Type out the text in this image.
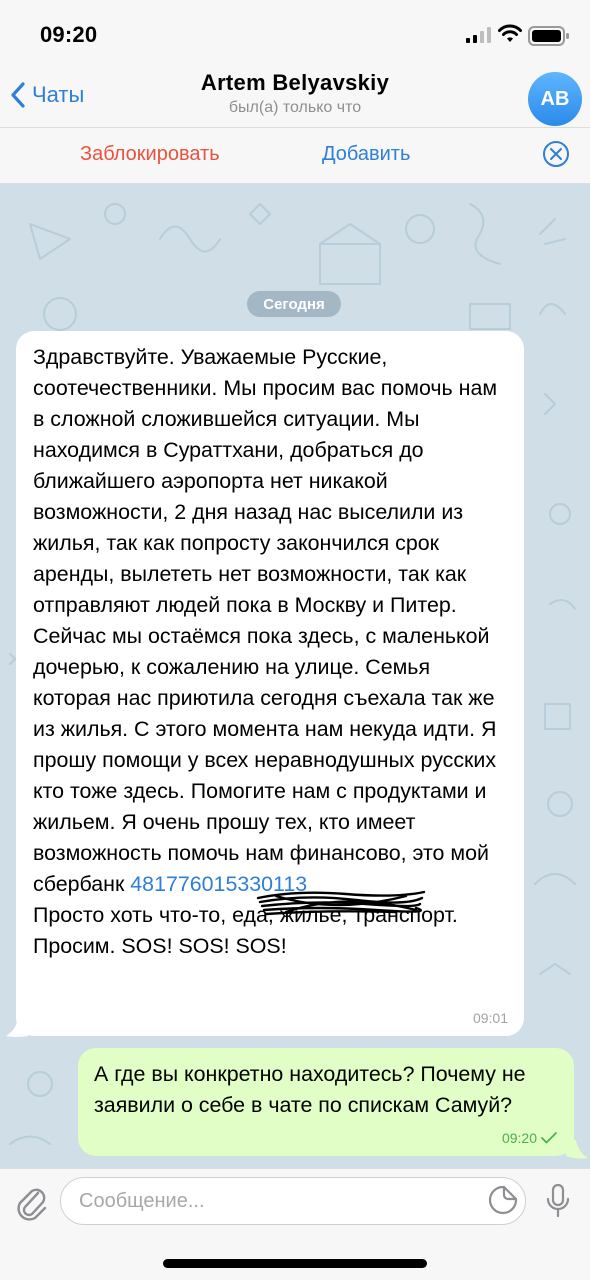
09:20
Чаты	Artem Belyavskiy
был(а) только что	AB
Заблокировать	Добавить
Сегодня
Здравствуйте. Уважаемые Русские, соотечественники. Мы просим вас помочь нам в сложной сложившейся ситуации. Мы находимся в Сураттхани, добраться до ближайшего аэропорта нет никакой возможности, 2 дня назад нас выселили из жилья, так как попросту закончился срок аренды, вылететь нет возможности, так как отправляют людей пока в Москву и Питер. Сейчас мы остаёмся пока здесь, с маленькой дочерью, к сожалению на улице. Семья которая нас приютила сегодня съехала так же из жилья. С этого момента нам некуда идти. Я прошу помощи у всех неравнодушных русских кто тоже здесь. Помогите нам с продуктами и жильем. Я очень прошу тех, кто имеет возможность помочь нам финансово, это мой сбербанк 481776015330113
Просто хоть что-то, еда, жилье, транспорт. Просим. SOS! SOS! SOS!
09:01
А где вы конкретно находитесь? Почему не заявили о себе в чате по спискам Самуй?
09:20
Сообщение...
